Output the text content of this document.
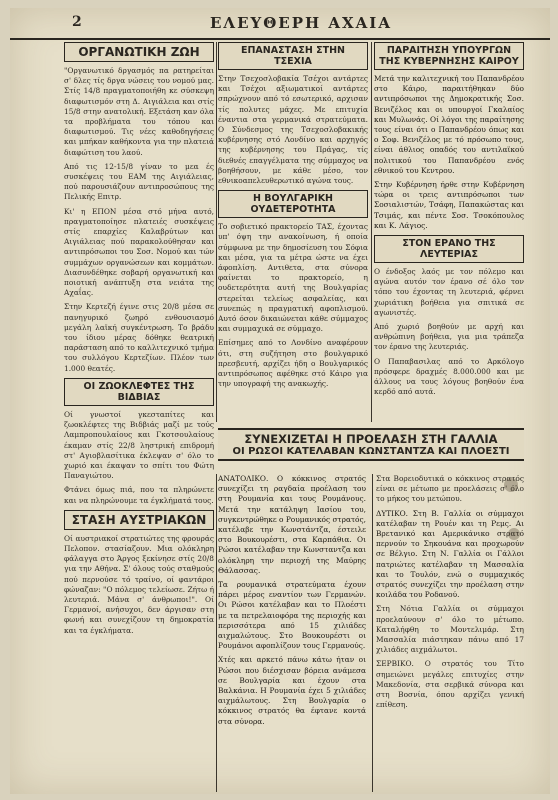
2	ΕΛΕΥΘΕΡΗ ΑΧΑΙΑ
ΟΡΓΑΝΩΤΙΚΗ ΖΩΗ

"Οργανωτικό δργασμός πα ρατηρείται σ' δλες τίς δργα νώσεις του νομού μας. Στίς 14/8 πραγματοποιήθη κε σύσκεψη διαφωτισμόν στη Δ. Αιγιάλεια και στίς 15/8 στην ανατολική. Εξετάση καν όλα τα προβλήματα του τόπου και διαφωτισμού. Τις νέες καθοδηγήσεις και μπήκαν καθήκοντα για την πλατειά διαφώτιση του λαού.

Από τις 12-15/8 γίναν το μεα ές συσκέψεις του ΕΑΜ της Αιγιάλειας, πού παρουσιάζουν αντιπροσώπους της Πελικής Επιτρ.

Κι' η ΕΠΟΝ μέσα στό μήνα αυτό, πραγματοποίησε πλατειές συσκέψεις στίς επαρχίες Καλαβρύτων και Αιγιάλειας πού παρακολούθησαν και αντιπρόσωποι του Σοσ. Νομού και τών συμμάχων οργανώσεων και κομμάτων. Διασυνδέθηκε σοβαρή οργανωτική και ποιοτική ανάπτυξη στα νειάτα της Αχαΐας.

Στην Κερτεζή έγινε στις 20/8 μέσα σε πανηγυρικό ζωηρό ενθουσιασμό μεγάλη λαϊκή συγκέντρωση. Το βράδυ του ίδιου μέρας δόθηκε θεατρική παράσταση από το καλλιτεχνικό τμήμα του συλλόγου Κερτεζίων. Πλέον των 1.000 θεατές.

ΟΙ ΖΩΟΚΛΕΦΤΕΣ ΤΗΣ ΒΙΔΒΙΑΣ

Οί γνωστοί γκεσταπίτες και ζωοκλέφτες της Βιδβιάς μαζί με τούς Λαμπροπουλαίους και Γκοτσουλαίους έκαμαν στίς 22/8 ληστρική επιδρομή στ' Αγιοβλασίτικα έκλεψαν σ' όλο το χωριό και έκαψαν το σπίτι του Φώτη Παναγιώτου.

Φτάνει όμως πιά, που τα πληρώνετε και να πληρώνουμε τα έγκλήματά τους.

ΣΤΑΣΗ ΑΥΣΤΡΙΑΚΩΝ

Οί αυστριακοί στρατιώτες της φρουράς Πελοπον. στασίαζουν. Μια ολόκληρη φάλαγγα στο Άργος ξεκίνησε στίς 20/8 για την Αθήνα. Σ' όλους τούς σταθμούς πού περνούσε τό τραίνο, οί φαντάροι φώναζαν: "Ο πόλεμος τελείωσε. Ζήτω ή λευτεριά. Μάνα σ' άνθρωποι!". Οί Γερμανοί, ανήσυχοι, δεν άργισαν στη φωνή και συνεχίζουν τη δημοκρατία και τα έγκλήματα.

ΕΠΑΝΑΣΤΑΣΗ ΣΤΗΝ ΤΣΕΧΙΑ

Στην Τσεχοσλοβακία Τσέχοι αντάρτες και Τσέχοι αξιωματικοί αντάρτες σπρώχνουν από τό εσωτερικό, αρχισαν τίς πολυτες μάχες. Με επιτυχία έναντια στα γερμανικά στρατεύματα. Ο Σύνδεσμος της Τσεχοσλοβακικής κυβέρνησης στό Λονδίνο και αρχηγός της κυβέρνησης του Πράγας, τίς διεθνές επαγγέλματα της σύμμαχος να βοηθήσουν, με κάθε μέσο, τον εθνικοαπελευθερωτικό αγώνα τους.

Η ΒΟΥΛΓΑΡΙΚΗ ΟΥΔΕΤΕΡΟΤΗΤΑ

Το σοβιετικό πρακτορείο ΤΑΣ, έχοντας υπ' όψη την ανακοίνωση, ή οποία σύμφωνα με την δημοσίευση του Σόφια και μέσα, για τα μέτρα ώστε να έχει άφοπλίση. Αντιθετα, στα σύνορα φαίνεται το πρακτορείο, η ουδετερότητα αυτή της Βουλγαρίας στερείται τελείως ασφαλείας, και συνεπώς η πραγματική αφοπλισμού. Αυτό όσον δικαιώνεται κάθε σύμμαχος και συμμαχικά σε σύμμαχο.

Επίσημες από το Λονδίνο αναφέρουν ότι, στη συζήτηση στο βουλγαρικό πρεσβευτή, αρχίζει ήδη ο Βουλγαρικός αντιπρόσωπος αφέθηκε στό Κάιρο για την υπογραφή της ανακωχής.

ΠΑΡΑΙΤΗΣΗ ΥΠΟΥΡΓΩΝ ΤΗΣ ΚΥΒΕΡΝΗΣΗΣ ΚΑΙΡΟΥ

Μετά την καλιτεχνική του Παπανδρέου στο Κάιρο, παραιτήθηκαν δύο αντιπρόσωποι της Δημοκρατικής Σοσ. Βενιζέλος και οι υπουργοί Γκαλαίος και Μυλωνάς. Οί λόγοι της παραίτησης τους είναι ότι ο Παπανδρέου όπως και ο Σοφ. Βενιζέλος με τό πρόσωπο τους, είναι άθλιος οπαδός του αντιλαϊκού πολιτικού του Παπανδρέου ενός εθνικού του Κεντρου.

Στην Κυβέρνηση ήρθε στην Κυβέρνηση τώρα οι τρεις αντιπρόσωποι των Σοσιαλιστών, Τσάφη, Παπακώστας και Τσιμάς, και πέντε Σοσ. Τσοκόπουλος και Κ. Λάγιος.

ΣΤΟΝ ΕΡΑΝΟ ΤΗΣ ΛΕΥΤΕΡΙΑΣ

Ο ένδοξος λαός με τον πόλεμο και αγώνα αυτόν τον έρανο σέ όλο τον τόπο του έχοντας τη λευτεριά, φέρνει χωριάτικη βοήθεια για σπιτικά σε αγωνιστές.

Από χωριό βοηθούν με αρχή και ανθρώπινη βοήθεια, για μια τράπεζα τον έρανο της λευτεριάς.

Ο Παπαβασιλας από το Αρκόλογο πρόσφερε δραχμές 8.000.000 και με άλλους να τους λόγους βοηθούν ένα κερδό από αυτά.

ΣΥΝΕΧΙΖΕΤΑΙ Η ΠΡΟΕΛΑΣΗ ΣΤΗ ΓΑΛΛΙΑ
ΟΙ ΡΩΣΟΙ ΚΑΤΕΛΑΒΑΝ ΚΩΝΣΤΑΝΤΖΑ ΚΑΙ ΠΛΟΕΣΤΙ

ΑΝΑΤΟΛΙΚΟ. Ο κόκκινος στρατός συνεχίζει τη ραγδαία προέλαση του στη Ρουμανία και τους Ρουμάνους. Μετά την κατάληψη Ιασίου του, συγκεντρώθηκε ο Ρουμανικός στρατός, κατέλαβε την Κωνστάντζα, έστειλε στο Βουκουρέστι, στα Καρπάθια. Οι Ρώσοι κατέλαβαν την Κωνσταντζα και ολόκληρη την περιοχή της Μαύρης Θάλασσας.

Τα ρουμανικά στρατεύματα έχουν πάρει μέρος εναντίον των Γερμανών. Οι Ρώσοι κατέλαβαν και το Πλοέστι με τα πετρελαιοφόρα της περιοχής και περισσότερα από 15 χιλιάδες αιχμαλώτους. Στο Βουκουρέστι οι Ρουμάνοι αφοπλίζουν τους Γερμανούς.

Χτές και αρκετό πάνω κάτω ήταν οι Ρώσοι που διέσχισαν βόρεια ανάμεσα σε Βουλγαρία και έχουν στα Βαλκάνια. Η Ρουμανία έχει 5 χιλιάδες αιχμάλωτους. Στη Βουλγαρία ο κόκκινος στρατός θα έφτανε κοντά στα σύνορα.

Στα Βορειοδυτικά ο κόκκινος στρατός είναι σε μέτωπο με προελάσεις σ' όλο το μήκος του μετώπου.

ΔΥΤΙΚΟ. Στη Β. Γαλλία οι σύμμαχοι κατέλαβαν τη Ρουέν και τη Ρεμς. Αι Βρετανικό και Αμερικάνικο στρατό περνούν το Σηκουάνα και προχωρούν σε Βέλγιο. Στη Ν. Γαλλία οι Γάλλοι πατριώτες κατέλαβαν τη Μασσαλία και το Τουλόν, ενώ ο συμμαχικός στρατός συνεχίζει την προέλαση στην κοιλάδα του Ροδανού.

Στη Νότια Γαλλία οι σύμμαχοι προελαύνουν σ' όλο το μέτωπο. Καταλήφθη το Μοντελιμάρ. Στη Μασσαλία πιάστηκαν πάνω από 17 χιλιάδες αιχμάλωτοι.

ΣΕΡΒΙΚΟ. Ο στρατός του Τίτο σημειώνει μεγάλες επιτυχίες στην Μακεδονία, στα σερβικά σύνορα και στη Βοσνία, όπου αρχίζει γενική επίθεση.
